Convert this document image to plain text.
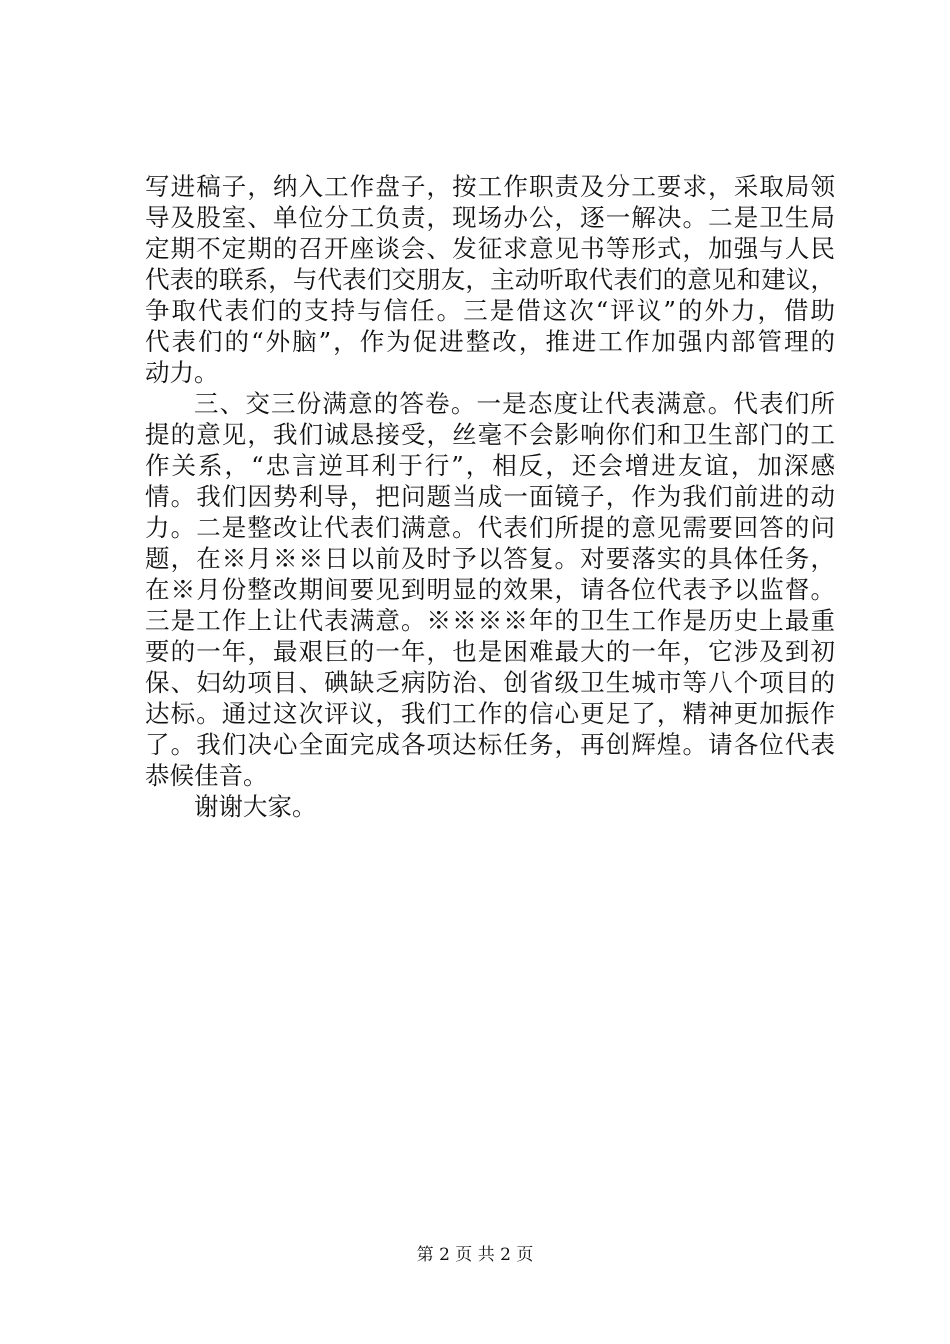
写进稿子，纳入工作盘子，按工作职责及分工要求，采取局领
导及股室、单位分工负责，现场办公，逐一解决。二是卫生局
定期不定期的召开座谈会、发征求意见书等形式，加强与人民
代表的联系，与代表们交朋友，主动听取代表们的意见和建议，
争取代表们的支持与信任。三是借这次“评议”的外力，借助
代表们的“外脑”，作为促进整改，推进工作加强内部管理的
动力。
三、交三份满意的答卷。一是态度让代表满意。代表们所
提的意见，我们诚恳接受，丝毫不会影响你们和卫生部门的工
作关系，“忠言逆耳利于行”，相反，还会增进友谊，加深感
情。我们因势利导，把问题当成一面镜子，作为我们前进的动
力。二是整改让代表们满意。代表们所提的意见需要回答的问
题，在※月※※日以前及时予以答复。对要落实的具体任务，
在※月份整改期间要见到明显的效果，请各位代表予以监督。
三是工作上让代表满意。※※※※年的卫生工作是历史上最重
要的一年，最艰巨的一年，也是困难最大的一年，它涉及到初
保、妇幼项目、碘缺乏病防治、创省级卫生城市等八个项目的
达标。通过这次评议，我们工作的信心更足了，精神更加振作
了。我们决心全面完成各项达标任务，再创辉煌。请各位代表
恭候佳音。
谢谢大家。
第 2 页 共 2 页
